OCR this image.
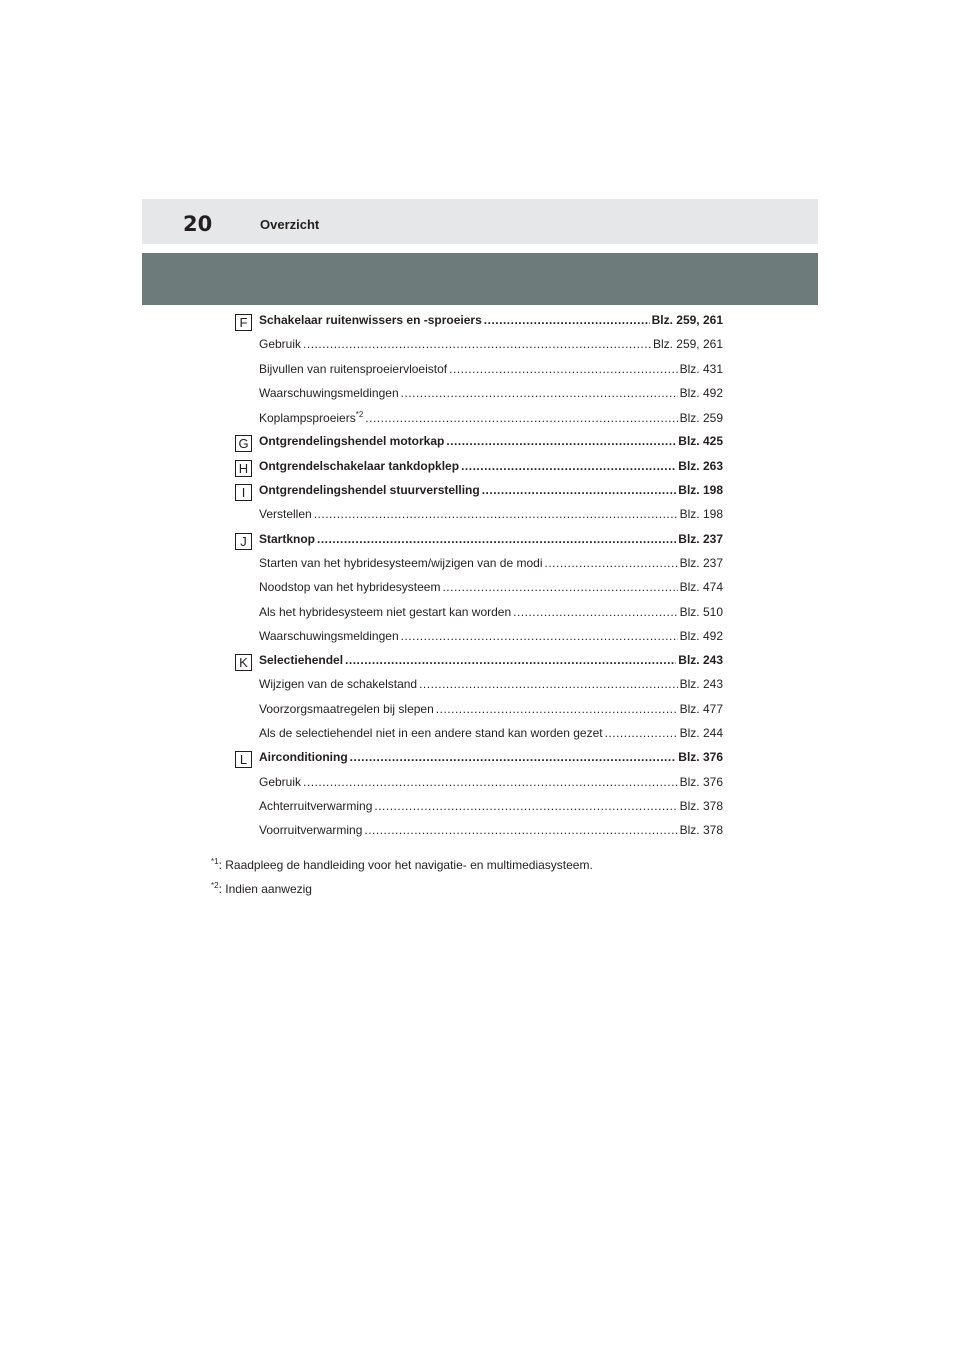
20	Overzicht
F Schakelaar ruitenwissers en -sproeiers .....	Blz. 259, 261
Gebruik .....	Blz. 259, 261
Bijvullen van ruitensproeiervloeistof .....	Blz. 431
Waarschuwingsmeldingen .....	Blz. 492
Koplampsproeiers$^{*2}$ .....	Blz. 259
G Ontgrendelingshendel motorkap .....	Blz. 425
H Ontgrendelschakelaar tankdopklep .....	Blz. 263
I	Ontgrendelingshendel stuurverstelling .....	Blz. 198
Verstellen .....	Blz. 198
J	Startknop .....	Blz. 237
Starten van het hybridesysteem/wijzigen van de modi .....	Blz. 237
Noodstop van het hybridesysteem .....	Blz. 474
Als het hybridesysteem niet gestart kan worden .....	Blz. 510
Waarschuwingsmeldingen .....	Blz. 492
K Selectiehendel .....	Blz. 243
Wijzigen van de schakelstand .....	Blz. 243
Voorzorgsmaatregelen bij slepen .....	Blz. 477
Als de selectiehendel niet in een andere stand kan worden gezet .....	Blz. 244
L Airconditioning .....	Blz. 376
Gebruik .....	Blz. 376
Achterruitverwarming .....	Blz. 378
Voorruitverwarming .....	Blz. 378
$^{*1}$: Raadpleeg de handleiding voor het navigatie- en multimediasysteem.
$^{*2}$: Indien aanwezig
